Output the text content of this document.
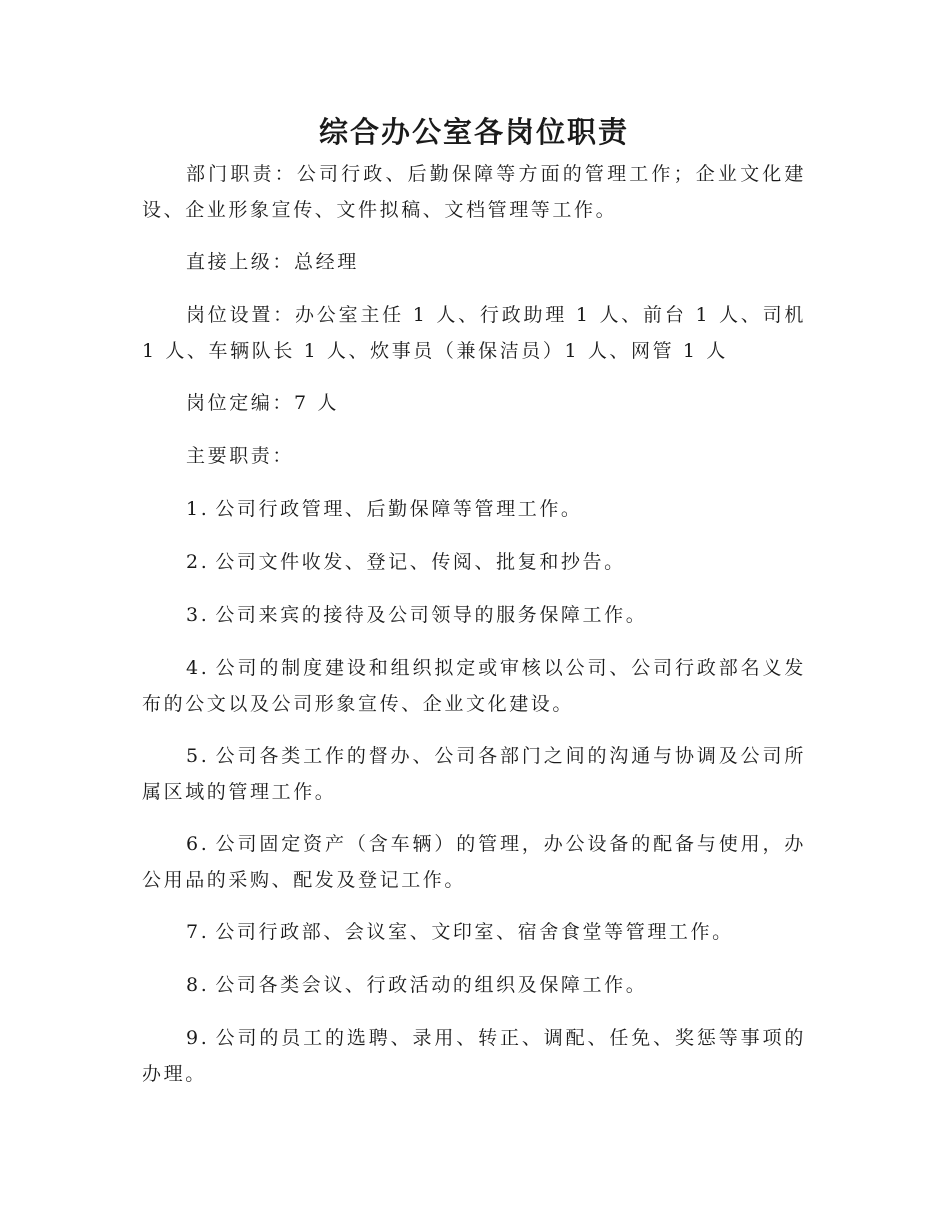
综合办公室各岗位职责

部门职责：公司行政、后勤保障等方面的管理工作；企业文化建设、企业形象宣传、文件拟稿、文档管理等工作。

直接上级：总经理

岗位设置：办公室主任 1 人、行政助理 1 人、前台 1 人、司机 1 人、车辆队长 1 人、炊事员（兼保洁员）1 人、网管 1 人

岗位定编：7 人

主要职责：

1. 公司行政管理、后勤保障等管理工作。

2. 公司文件收发、登记、传阅、批复和抄告。

3. 公司来宾的接待及公司领导的服务保障工作。

4. 公司的制度建设和组织拟定或审核以公司、公司行政部名义发布的公文以及公司形象宣传、企业文化建设。

5. 公司各类工作的督办、公司各部门之间的沟通与协调及公司所属区域的管理工作。

6. 公司固定资产（含车辆）的管理，办公设备的配备与使用，办公用品的采购、配发及登记工作。

7. 公司行政部、会议室、文印室、宿舍食堂等管理工作。

8. 公司各类会议、行政活动的组织及保障工作。

9. 公司的员工的选聘、录用、转正、调配、任免、奖惩等事项的办理。
